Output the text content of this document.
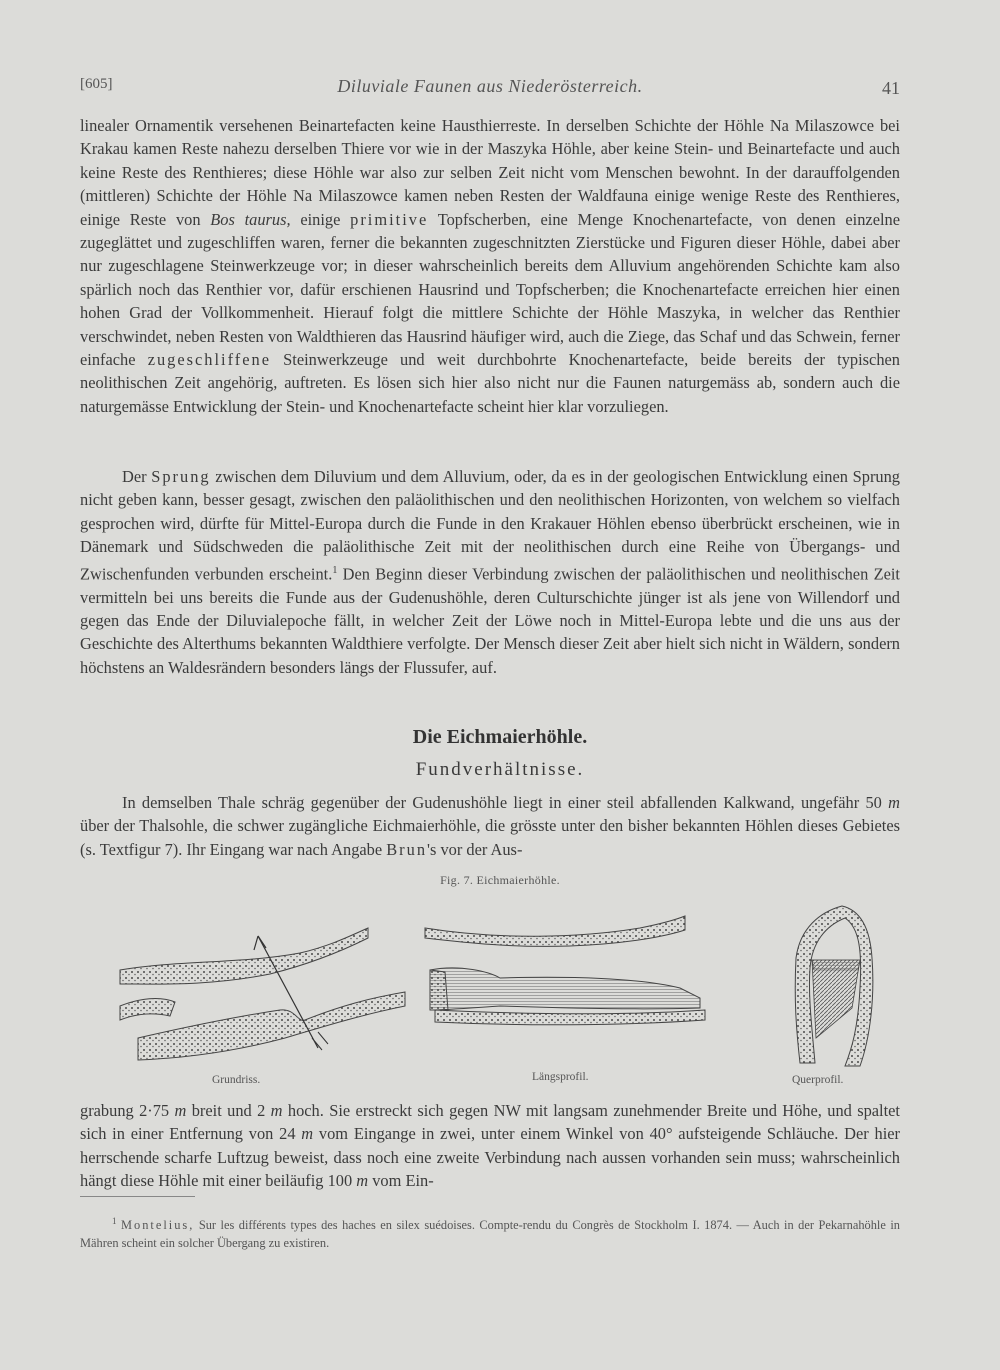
[605]	Diluviale Faunen aus Niederösterreich.	41

linealer Ornamentik versehenen Beinartefacten keine Hausthierreste. In derselben Schichte der Höhle Na Milaszowce bei Krakau kamen Reste nahezu derselben Thiere vor wie in der Maszyka Höhle, aber keine Stein- und Beinartefacte und auch keine Reste des Renthieres; diese Höhle war also zur selben Zeit nicht vom Menschen bewohnt. In der darauffolgenden (mittleren) Schichte der Höhle Na Milaszowce kamen neben Resten der Waldfauna einige wenige Reste des Renthieres, einige Reste von Bos taurus, einige primitive Topfscherben, eine Menge Knochenartefacte, von denen einzelne zugeglättet und zugeschliffen waren, ferner die bekannten zugeschnitzten Zierstücke und Figuren dieser Höhle, dabei aber nur zugeschlagene Steinwerkzeuge vor; in dieser wahrscheinlich bereits dem Alluvium angehörenden Schichte kam also spärlich noch das Renthier vor, dafür erschienen Hausrind und Topfscherben; die Knochenartefacte erreichen hier einen hohen Grad der Vollkommenheit. Hierauf folgt die mittlere Schichte der Höhle Maszyka, in welcher das Renthier verschwindet, neben Resten von Waldthieren das Hausrind häufiger wird, auch die Ziege, das Schaf und das Schwein, ferner einfache zugeschliffene Steinwerkzeuge und weit durchbohrte Knochenartefacte, beide bereits der typischen neolithischen Zeit angehörig, auftreten. Es lösen sich hier also nicht nur die Faunen naturgemäss ab, sondern auch die naturgemässe Entwicklung der Stein- und Knochenartefacte scheint hier klar vorzuliegen.

Der Sprung zwischen dem Diluvium und dem Alluvium, oder, da es in der geologischen Entwicklung einen Sprung nicht geben kann, besser gesagt, zwischen den paläolithischen und den neolithischen Horizonten, von welchem so vielfach gesprochen wird, dürfte für Mittel-Europa durch die Funde in den Krakauer Höhlen ebenso überbrückt erscheinen, wie in Dänemark und Südschweden die paläolithische Zeit mit der neolithischen durch eine Reihe von Übergangs- und Zwischenfunden verbunden erscheint.$^1$ Den Beginn dieser Verbindung zwischen der paläolithischen und neolithischen Zeit vermitteln bei uns bereits die Funde aus der Gudenushöhle, deren Culturschichte jünger ist als jene von Willendorf und gegen das Ende der Diluvialepoche fällt, in welcher Zeit der Löwe noch in Mittel-Europa lebte und die uns aus der Geschichte des Alterthums bekannten Waldthiere verfolgte. Der Mensch dieser Zeit aber hielt sich nicht in Wäldern, sondern höchstens an Waldesrändern besonders längs der Flussufer, auf.

Die Eichmaierhöhle.
Fundverhältnisse.

In demselben Thale schräg gegenüber der Gudenushöhle liegt in einer steil abfallenden Kalkwand, ungefähr 50 m über der Thalsohle, die schwer zugängliche Eichmaierhöhle, die grösste unter den bisher bekannten Höhlen dieses Gebietes (s. Textfigur 7). Ihr Eingang war nach Angabe Brun's vor der Aus-

Fig. 7. Eichmaierhöhle.
Grundriss.	Längsprofil.	Querprofil.

grabung 2·75 m breit und 2 m hoch. Sie erstreckt sich gegen NW mit langsam zunehmender Breite und Höhe, und spaltet sich in einer Entfernung von 24 m vom Eingange in zwei, unter einem Winkel von 40° aufsteigende Schläuche. Der hier herrschende scharfe Luftzug beweist, dass noch eine zweite Verbindung nach aussen vorhanden sein muss; wahrscheinlich hängt diese Höhle mit einer beiläufig 100 m vom Ein-

$^1$ Montelius, Sur les différents types des haches en silex suédoises. Compte-rendu du Congrès de Stockholm I. 1874. — Auch in der Pekarnahöhle in Mähren scheint ein solcher Übergang zu existiren.
